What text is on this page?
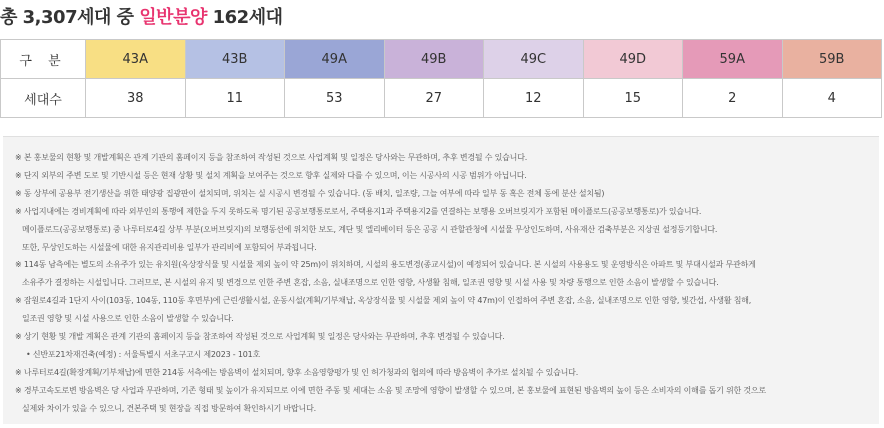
총 3,307세대 중 일반분양 162세대
구 분	43A	43B	49A	49B	49C	49D	59A	59B
세대수	38	11	53	27	12	15	2	4
※ 본 홍보물의 현황 및 개발계획은 관계 기관의 홈페이지 등을 참조하여 작성된 것으로 사업계획 및 일정은 당사와는 무관하며, 추후 변경될 수 있습니다.
※ 단지 외부의 주변 도로 및 기반시설 등은 현재 상황 및 설치 계획을 보여주는 것으로 향후 실제와 다를 수 있으며, 이는 시공사의 시공 범위가 아닙니다.
※ 동 상부에 공용부 전기생산을 위한 태양광 집광판이 설치되며, 위치는 실 시공시 변경될 수 있습니다. (동 배치, 일조량, 그늘 여부에 따라 일부 동 혹은 전체 동에 분산 설치됨)
※ 사업지내에는 경비계획에 따라 외부인의 통행에 제한을 두지 못하도록 명기된 공공보행통로로서, 주택용지1과 주택용지2를 연결하는 보행용 오버브릿지가 포함된 메이플로드(공공보행통로)가 있습니다.
메이플로드(공공보행통로) 중 나루터로4길 상부 부분(오버브릿지)의 보행동선에 위치한 보도, 계단 및 엘리베이터 등은 공공 시 관할관청에 시설물 무상인도하며, 사유재산 검축부분은 지상권 설정등기합니다.
또한, 무상인도하는 시설물에 대한 유지관리비용 일부가 관리비에 포함되어 부과됩니다.
※ 114동 남측에는 별도의 소유주가 있는 유치원(옥상장식물 및 시설물 제외 높이 약 25m)이 위치하며, 시설의 용도변경(종교시설)이 예정되어 있습니다. 본 시설의 사용용도 및 운영방식은 아파트 및 부대시설과 무관하게
소유주가 결정하는 시설입니다. 그러므로, 본 시설의 유지 및 변경으로 인한 주변 혼잡, 소음, 실내조명으로 인한 영향, 사생활 침해, 일조권 영향 및 시설 사용 및 차량 통행으로 인한 소음이 발생할 수 있습니다.
※ 잠원로4길과 1단지 사이(103동, 104동, 110동 후면부)에 근린생활시설, 운동시설(계획/기부채납, 옥상장식물 및 시설물 제외 높이 약 47m)이 인접하여 주변 혼잡, 소음, 실내조명으로 인한 영향, 빛간섭, 사생활 침해,
일조권 영향 및 시설 사용으로 인한 소음이 발생할 수 있습니다.
※ 상기 현황 및 개발 계획은 관계 기관의 홈페이지 등을 참조하여 작성된 것으로 사업계획 및 일정은 당사와는 무관하며, 추후 변경될 수 있습니다.
• 신반포21차재건축(예정) : 서울특별시 서초구고시 제2023 - 101호
※ 나루터로4길(확장계획/기부채납)에 면한 214동 서측에는 방음벽이 설치되며, 향후 소음영향평가 및 인 허가청과의 협의에 따라 방음벽이 추가로 설치될 수 있습니다.
※ 경부고속도로변 방음벽은 당 사업과 무관하며, 기존 형태 및 높이가 유지되므로 이에 면한 주동 및 세대는 소음 및 조망에 영향이 발생할 수 있으며, 본 홍보물에 표현된 방음벽의 높이 등은 소비자의 이해를 돕기 위한 것으로
실제와 차이가 있을 수 있으니, 견본주택 및 현장을 직접 방문하여 확인하시기 바랍니다.
